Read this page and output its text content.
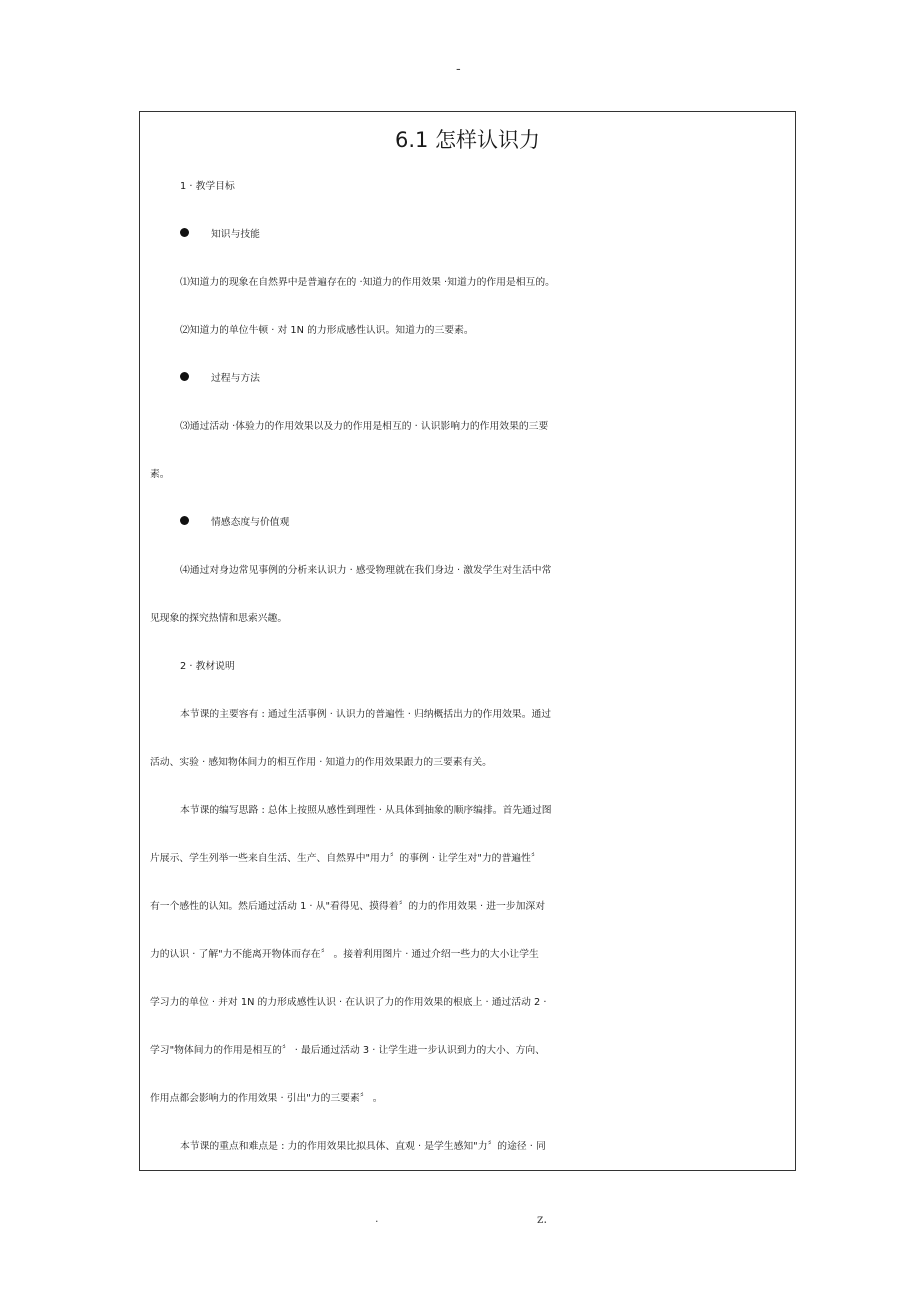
-
6.1 怎样认识力
1 · 教学目标
知识与技能
⑴知道力的现象在自然界中是普遍存在的 ·知道力的作用效果 ·知道力的作用是相互的。
⑵知道力的单位牛顿 · 对 1N 的力形成感性认识。知道力的三要素。
过程与方法
⑶通过活动 ·体验力的作用效果以及力的作用是相互的 · 认识影响力的作用效果的三要
素。
情感态度与价值观
⑷通过对身边常见事例的分析来认识力 · 感受物理就在我们身边 · 激发学生对生活中常
见现象的探究热情和思索兴趣。
2 · 教材说明
本节课的主要容有 : 通过生活事例 · 认识力的普遍性 · 归纳概括出力的作用效果。通过
活动、实验 · 感知物体间力的相互作用 · 知道力的作用效果跟力的三要素有关。
本节课的编写思路 : 总体上按照从感性到理性 · 从具体到抽象的顺序编排。首先通过图
片展示、学生列举一些来自生活、生产、自然界中"用力〞的事例 · 让学生对"力的普遍性〞
有一个感性的认知。然后通过活动 1 · 从"看得见、摸得着〞的力的作用效果 · 进一步加深对
力的认识 · 了解"力不能离开物体而存在〞 。接着利用图片 · 通过介绍一些力的大小让学生
学习力的单位 · 并对 1N 的力形成感性认识 · 在认识了力的作用效果的根底上 · 通过活动 2 ·
学习"物体间力的作用是相互的〞 · 最后通过活动 3 · 让学生进一步认识到力的大小、方向、
作用点都会影响力的作用效果 · 引出"力的三要素〞 。
本节课的重点和难点是 : 力的作用效果比拟具体、直观 · 是学生感知"力〞的途径 · 同
.	z.
